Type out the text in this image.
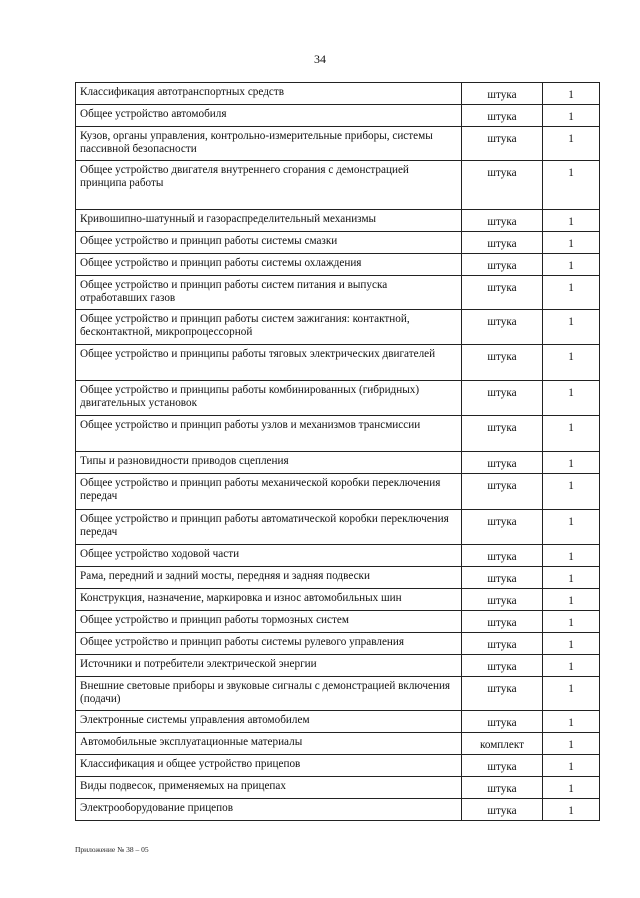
34
Классификация автотранспортных средств	штука	1
Общее устройство автомобиля	штука	1
Кузов, органы управления, контрольно-измерительные приборы, системы пассивной безопасности	штука	1
Общее устройство двигателя внутреннего сгорания с демонстрацией принципа работы	штука	1
Кривошипно-шатунный и газораспределительный механизмы	штука	1
Общее устройство и принцип работы системы смазки	штука	1
Общее устройство и принцип работы системы охлаждения	штука	1
Общее устройство и принцип работы систем питания и выпуска отработавших газов	штука	1
Общее устройство и принцип работы систем зажигания: контактной, бесконтактной, микропроцессорной	штука	1
Общее устройство и принципы работы тяговых электрических двигателей	штука	1
Общее устройство и принципы работы комбинированных (гибридных) двигательных установок	штука	1
Общее устройство и принцип работы узлов и механизмов трансмиссии	штука	1
Типы и разновидности приводов сцепления	штука	1
Общее устройство и принцип работы механической коробки переключения передач	штука	1
Общее устройство и принцип работы автоматической коробки переключения передач	штука	1
Общее устройство ходовой части	штука	1
Рама, передний и задний мосты, передняя и задняя подвески	штука	1
Конструкция, назначение, маркировка и износ автомобильных шин	штука	1
Общее устройство и принцип работы тормозных систем	штука	1
Общее устройство и принцип работы системы рулевого управления	штука	1
Источники и потребители электрической энергии	штука	1
Внешние световые приборы и звуковые сигналы с демонстрацией включения (подачи)	штука	1
Электронные системы управления автомобилем	штука	1
Автомобильные эксплуатационные материалы	комплект	1
Классификация и общее устройство прицепов	штука	1
Виды подвесок, применяемых на прицепах	штука	1
Электрооборудование прицепов	штука	1
Приложение № 38 – 05
